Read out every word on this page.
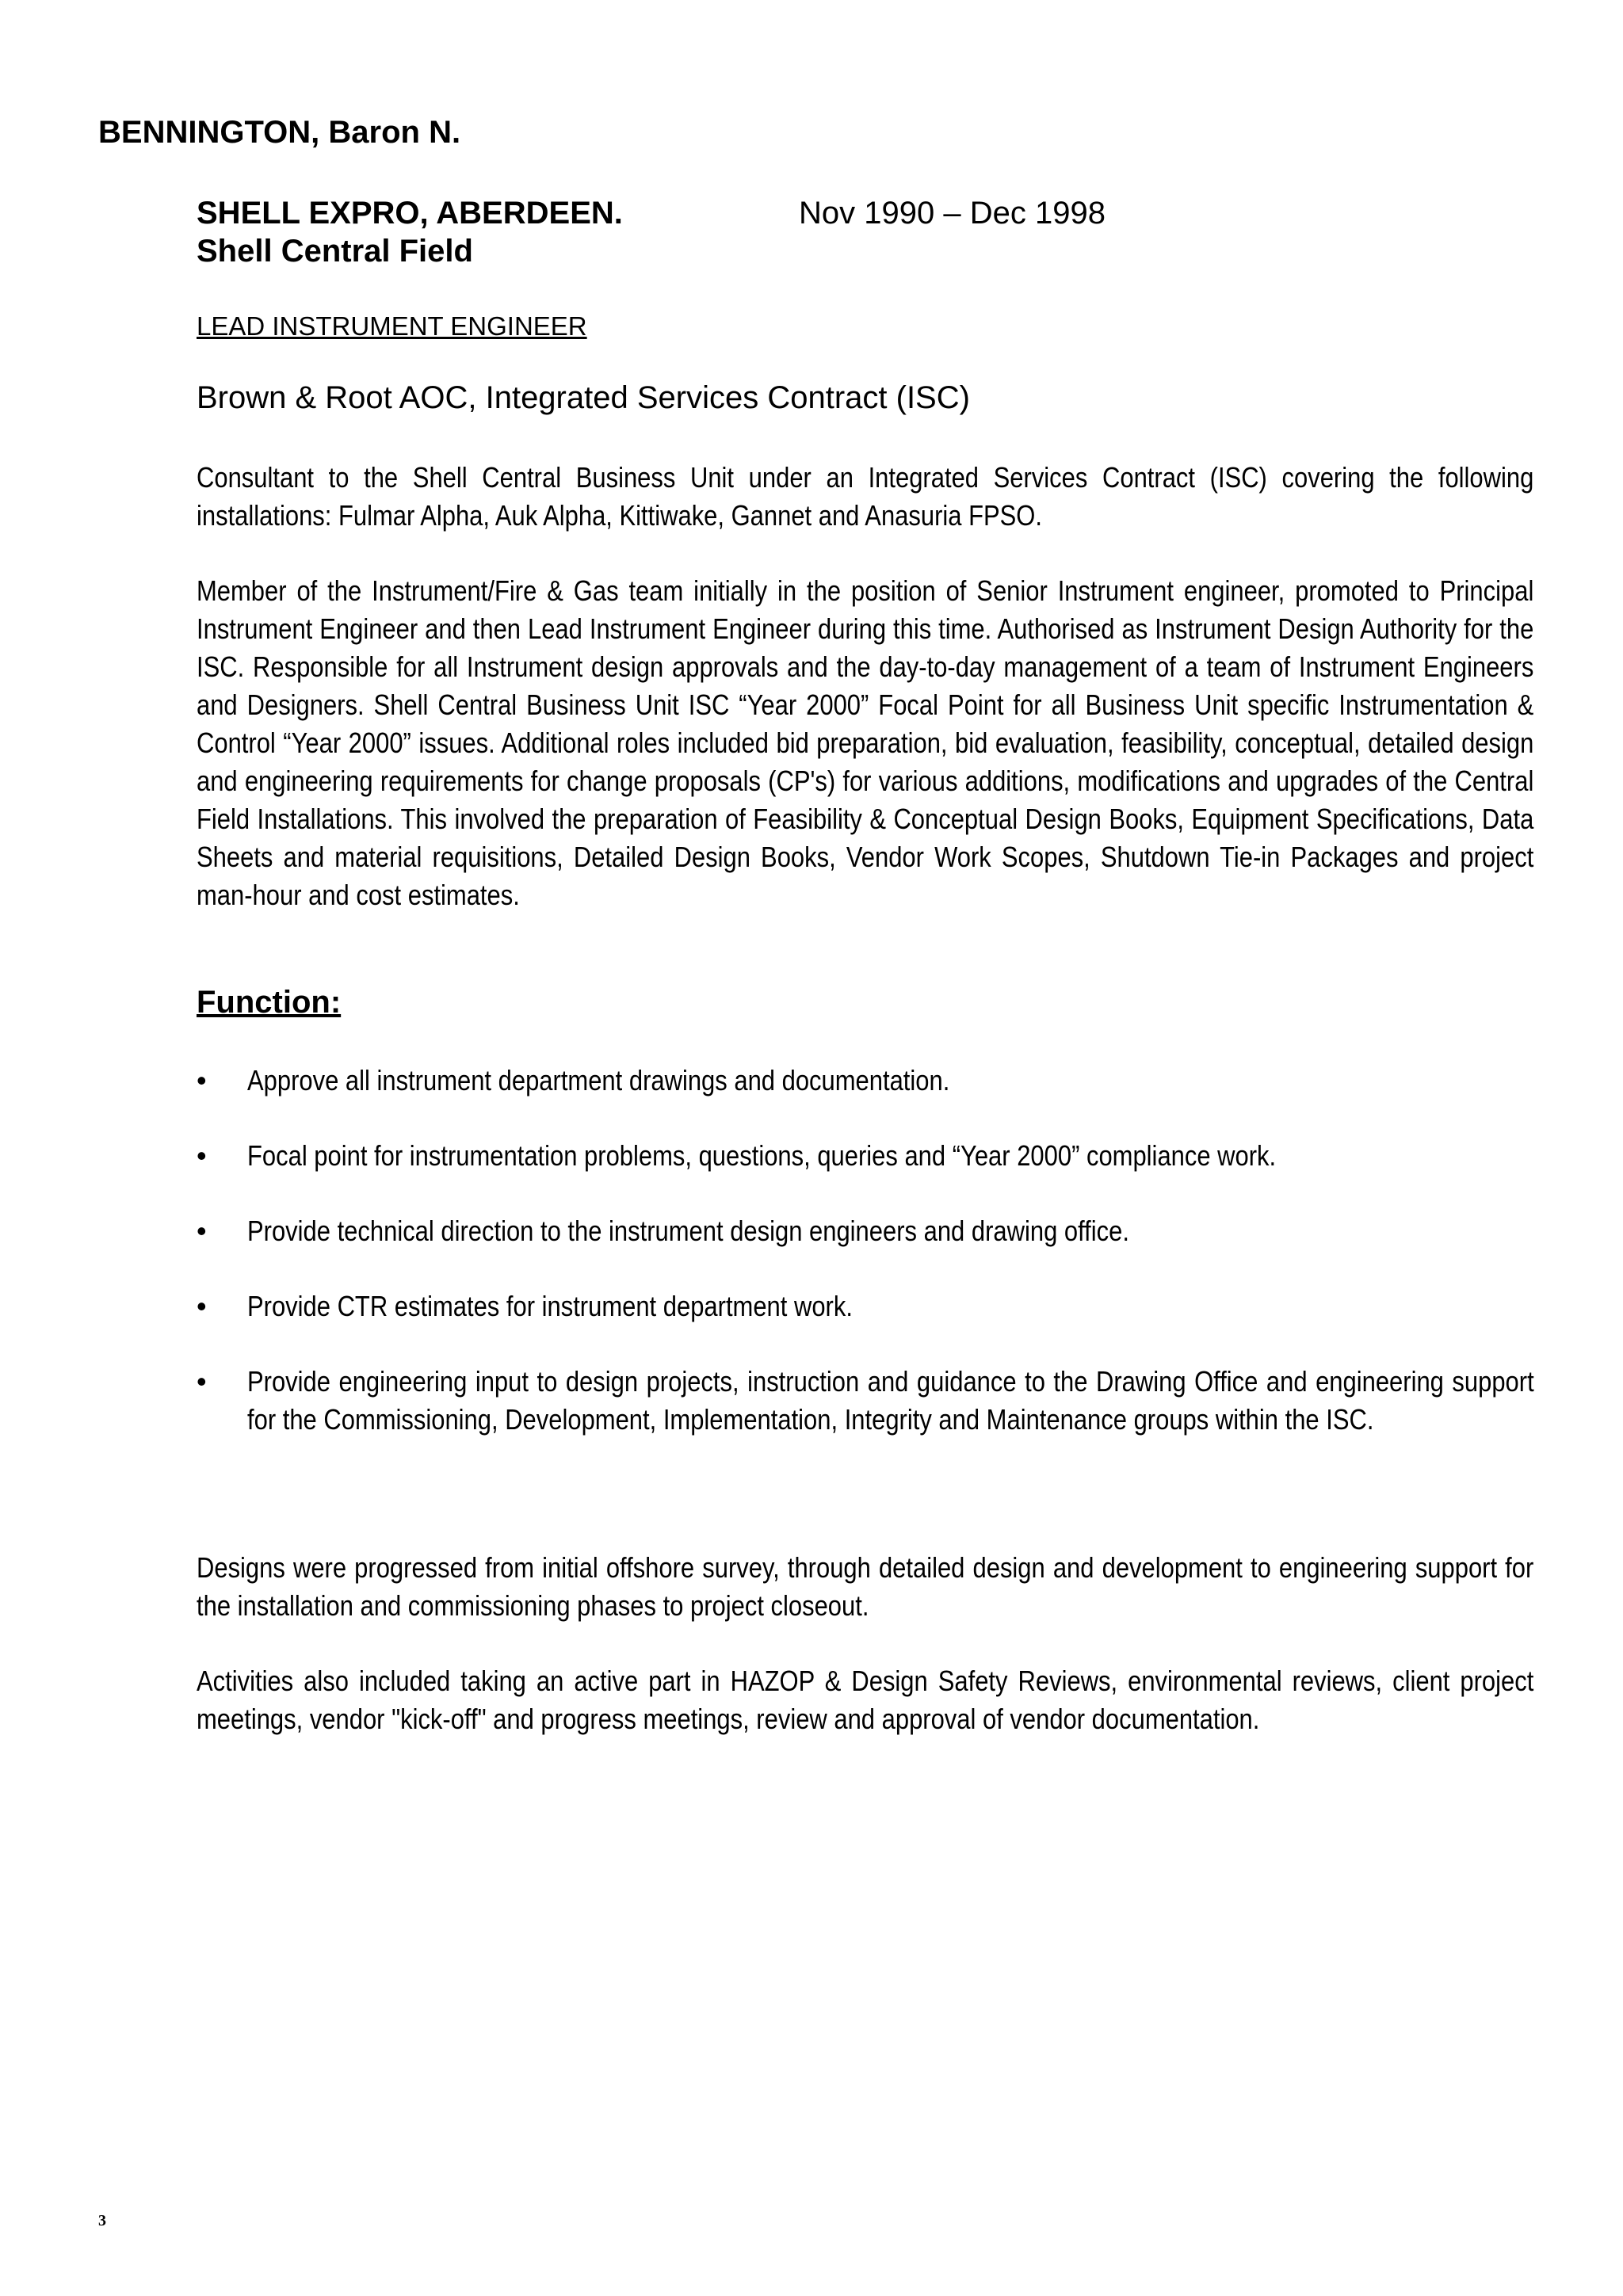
BENNINGTON, Baron N.
SHELL EXPRO, ABERDEEN.	Nov 1990 – Dec 1998
Shell Central Field
LEAD INSTRUMENT ENGINEER
Brown & Root AOC, Integrated Services Contract (ISC)
Consultant to the Shell Central Business Unit under an Integrated Services Contract (ISC) covering the following installations: Fulmar Alpha, Auk Alpha, Kittiwake, Gannet and Anasuria FPSO.
Member of the Instrument/Fire & Gas team initially in the position of Senior Instrument engineer, promoted to Principal Instrument Engineer and then Lead Instrument Engineer during this time. Authorised as Instrument Design Authority for the ISC. Responsible for all Instrument design approvals and the day-to-day management of a team of Instrument Engineers and Designers. Shell Central Business Unit ISC “Year 2000” Focal Point for all Business Unit specific Instrumentation & Control “Year 2000” issues. Additional roles included bid preparation, bid evaluation, feasibility, conceptual, detailed design and engineering requirements for change proposals (CP's) for various additions, modifications and upgrades of the Central Field Installations. This involved the preparation of Feasibility & Conceptual Design Books, Equipment Specifications, Data Sheets and material requisitions, Detailed Design Books, Vendor Work Scopes, Shutdown Tie-in Packages and project man-hour and cost estimates.
Function:
• Approve all instrument department drawings and documentation.
• Focal point for instrumentation problems, questions, queries and “Year 2000” compliance work.
• Provide technical direction to the instrument design engineers and drawing office.
• Provide CTR estimates for instrument department work.
• Provide engineering input to design projects, instruction and guidance to the Drawing Office and engineering support for the Commissioning, Development, Implementation, Integrity and Maintenance groups within the ISC.
Designs were progressed from initial offshore survey, through detailed design and development to engineering support for the installation and commissioning phases to project closeout.
Activities also included taking an active part in HAZOP & Design Safety Reviews, environmental reviews, client project meetings, vendor "kick-off" and progress meetings, review and approval of vendor documentation.
3
